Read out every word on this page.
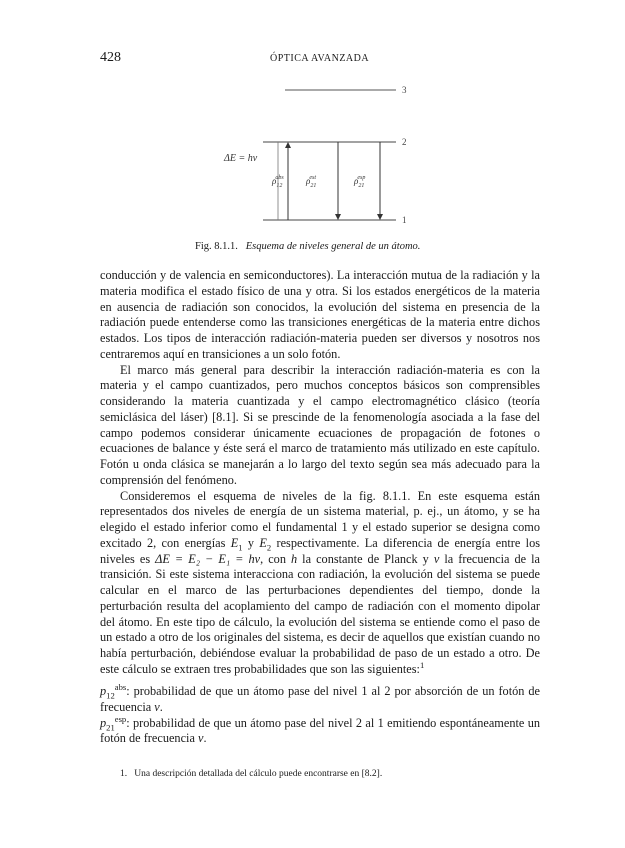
428	ÓPTICA AVANZADA
3
2
1
ΔE = hν
$\rho_{12}abs$ $\rho_{21}est$	$\rho_{21}esp$
Fig. 8.1.1. Esquema de niveles general de un átomo.

conducción y de valencia en semiconductores). La interacción mutua de la radiación y la materia modifica el estado físico de una y otra. Si los estados energéticos de la materia en ausencia de radiación son conocidos, la evolución del sistema en presencia de la radiación puede entenderse como las transiciones energéticas de la materia entre dichos estados. Los tipos de interacción radiación-materia pueden ser diversos y nosotros nos centraremos aquí en transiciones a un solo fotón.

El marco más general para describir la interacción radiación-materia es con la materia y el campo cuantizados, pero muchos conceptos básicos son comprensibles considerando la materia cuantizada y el campo electromagnético clásico (teoría semiclásica del láser) [8.1]. Si se prescinde de la fenomenología asociada a la fase del campo podemos considerar únicamente ecuaciones de propagación de fotones o ecuaciones de balance y éste será el marco de tratamiento más utilizado en este capítulo. Fotón u onda clásica se manejarán a lo largo del texto según sea más adecuado para la comprensión del fenómeno.

Consideremos el esquema de niveles de la fig. 8.1.1. En este esquema están representados dos niveles de energía de un sistema material, p. ej., un átomo, y se ha elegido el estado inferior como el fundamental 1 y el estado superior se designa como excitado 2, con energías $E_1$ y $E_2$ respectivamente. La diferencia de energía entre los niveles es ΔE = E₂ − E₁ = hν, con h la constante de Planck y ν la frecuencia de la transición. Si este sistema interacciona con radiación, la evolución del sistema se puede calcular en el marco de las perturbaciones dependientes del tiempo, donde la perturbación resulta del acoplamiento del campo de radiación con el momento dipolar del átomo. En este tipo de cálculo, la evolución del sistema se entiende como el paso de un estado a otro de los originales del sistema, es decir de aquellos que existían cuando no había perturbación, debiéndose evaluar la probabilidad de paso de un estado a otro. De este cálculo se extraen tres probabilidades que son las siguientes:$^1$

$p_{12}^{abs}$: probabilidad de que un átomo pase del nivel 1 al 2 por absorción de un fotón de frecuencia ν.

$p_{21}^{esp}$: probabilidad de que un átomo pase del nivel 2 al 1 emitiendo espontáneamente un fotón de frecuencia ν.

1. Una descripción detallada del cálculo puede encontrarse en [8.2].
